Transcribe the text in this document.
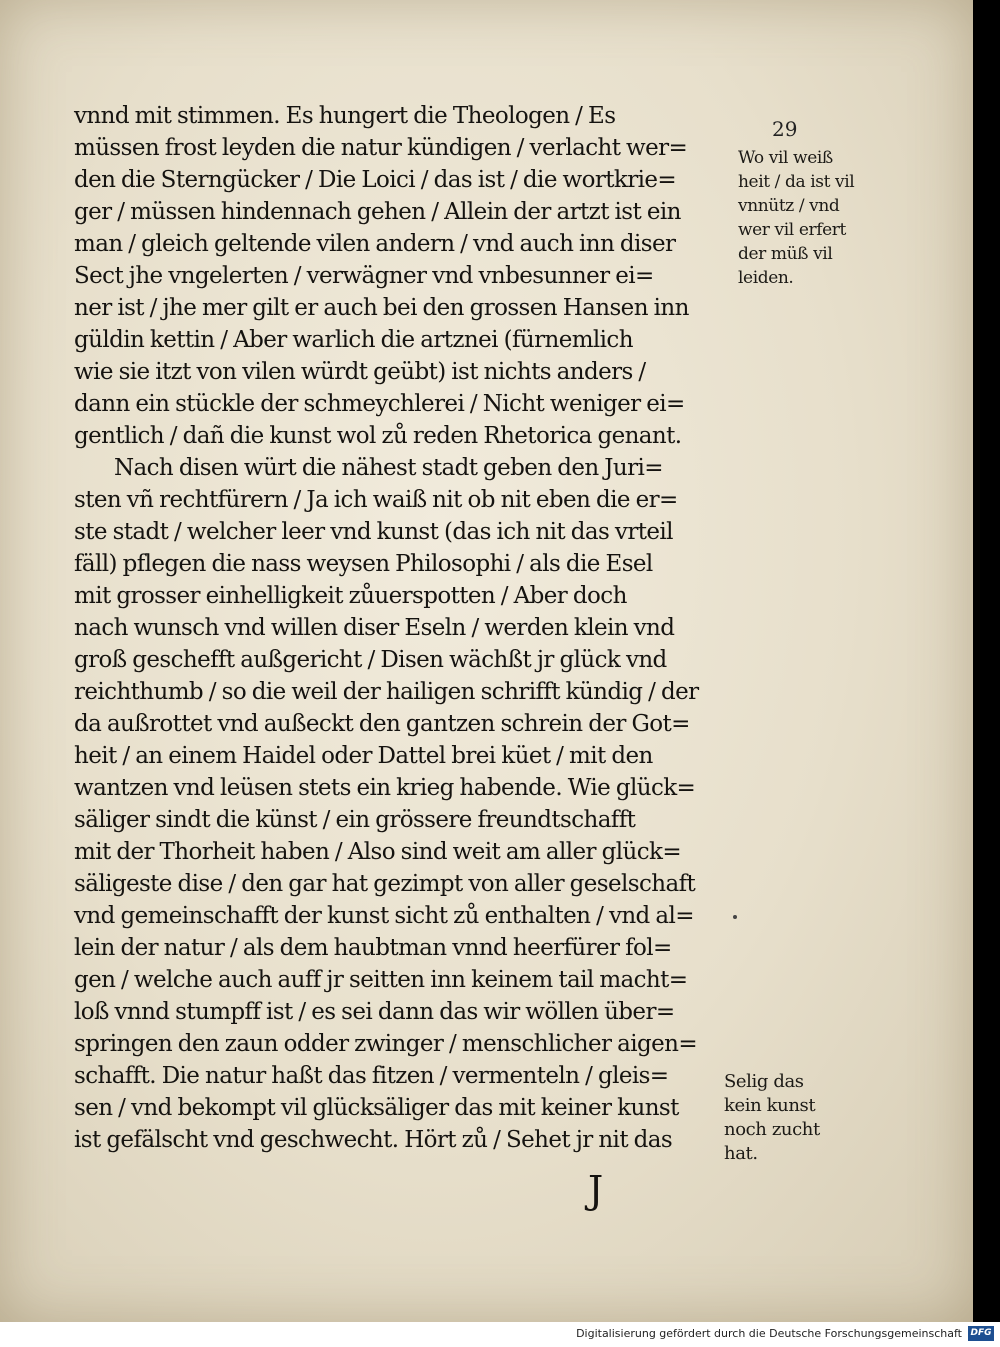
29
vnnd mit stimmen. Es hungert die Theologen / Es
müssen frost leyden die natur kündigen / verlacht wer=
den die Sterngücker / Die Loici / das ist / die wortkrie=
ger / müssen hindennach gehen / Allein der artzt ist ein
man / gleich geltende vilen andern / vnd auch inn diser
Sect jhe vngelerten / verwägner vnd vnbesunner ei=
ner ist / jhe mer gilt er auch bei den grossen Hansen inn
güldin kettin / Aber warlich die artznei (fürnemlich
wie sie itzt von vilen würdt geübt) ist nichts anders /
dann ein stückle der schmeychlerei / Nicht weniger ei=
gentlich / dañ die kunst wol zů reden Rhetorica genant.
Nach disen würt die nähest stadt geben den Juri=
sten vñ rechtfürern / Ja ich waiß nit ob nit eben die er=
ste stadt / welcher leer vnd kunst (das ich nit das vrteil
fäll) pflegen die nass weysen Philosophi / als die Esel
mit grosser einhelligkeit zůuerspotten / Aber doch
nach wunsch vnd willen diser Eseln / werden klein vnd
groß geschefft außgericht / Disen wächßt jr glück vnd
reichthumb / so die weil der hailigen schrifft kündig / der
da außrottet vnd außeckt den gantzen schrein der Got=
heit / an einem Haidel oder Dattel brei küet / mit den
wantzen vnd leüsen stets ein krieg habende. Wie glück=
säliger sindt die künst / ein grössere freundtschafft
mit der Thorheit haben / Also sind weit am aller glück=
säligeste dise / den gar hat gezimpt von aller geselschaft
vnd gemeinschafft der kunst sicht zů enthalten / vnd al=
lein der natur / als dem haubtman vnnd heerfürer fol=
gen / welche auch auff jr seitten inn keinem tail macht=
loß vnnd stumpff ist / es sei dann das wir wöllen über=
springen den zaun odder zwinger / menschlicher aigen=
schafft. Die natur haßt das fitzen / vermenteln / gleis=
sen / vnd bekompt vil glücksäliger das mit keiner kunst
ist gefälscht vnd geschwecht. Hört zů / Sehet jr nit das
Wo vil weiß
heit / da ist vil
vnnütz / vnd
wer vil erfert
der müß vil
leiden.
Selig das
kein kunst
noch zucht
hat.
J
Digitalisierung gefördert durch die Deutsche Forschungsgemeinschaft DFG
